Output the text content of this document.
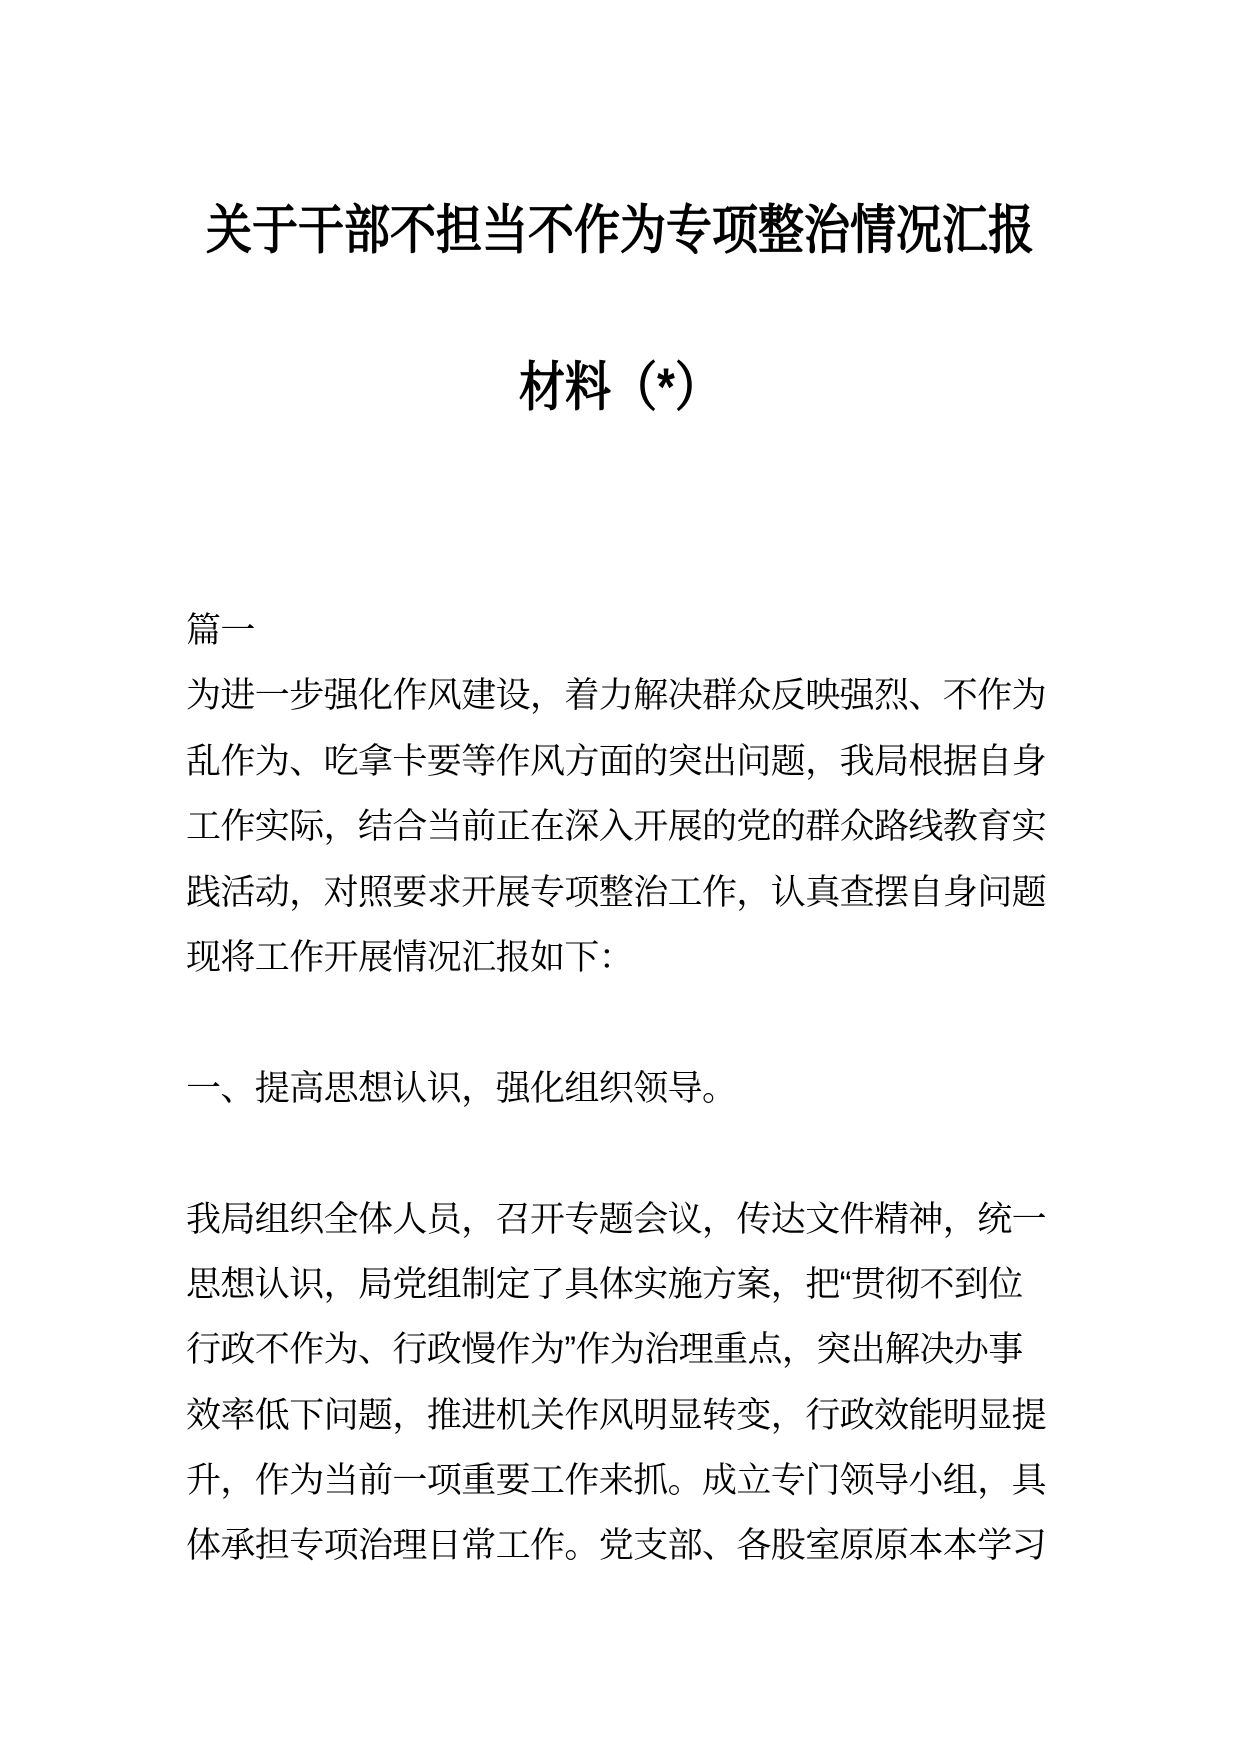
关于干部不担当不作为专项整治情况汇报
材料（*）
篇一
为进一步强化作风建设，着力解决群众反映强烈、不作为
乱作为、吃拿卡要等作风方面的突出问题，我局根据自身
工作实际，结合当前正在深入开展的党的群众路线教育实
践活动，对照要求开展专项整治工作，认真查摆自身问题
现将工作开展情况汇报如下：
一、提高思想认识，强化组织领导。
我局组织全体人员，召开专题会议，传达文件精神，统一
思想认识，局党组制定了具体实施方案，把“贯彻不到位
行政不作为、行政慢作为”作为治理重点，突出解决办事
效率低下问题，推进机关作风明显转变，行政效能明显提
升，作为当前一项重要工作来抓。成立专门领导小组，具
体承担专项治理日常工作。党支部、各股室原原本本学习
